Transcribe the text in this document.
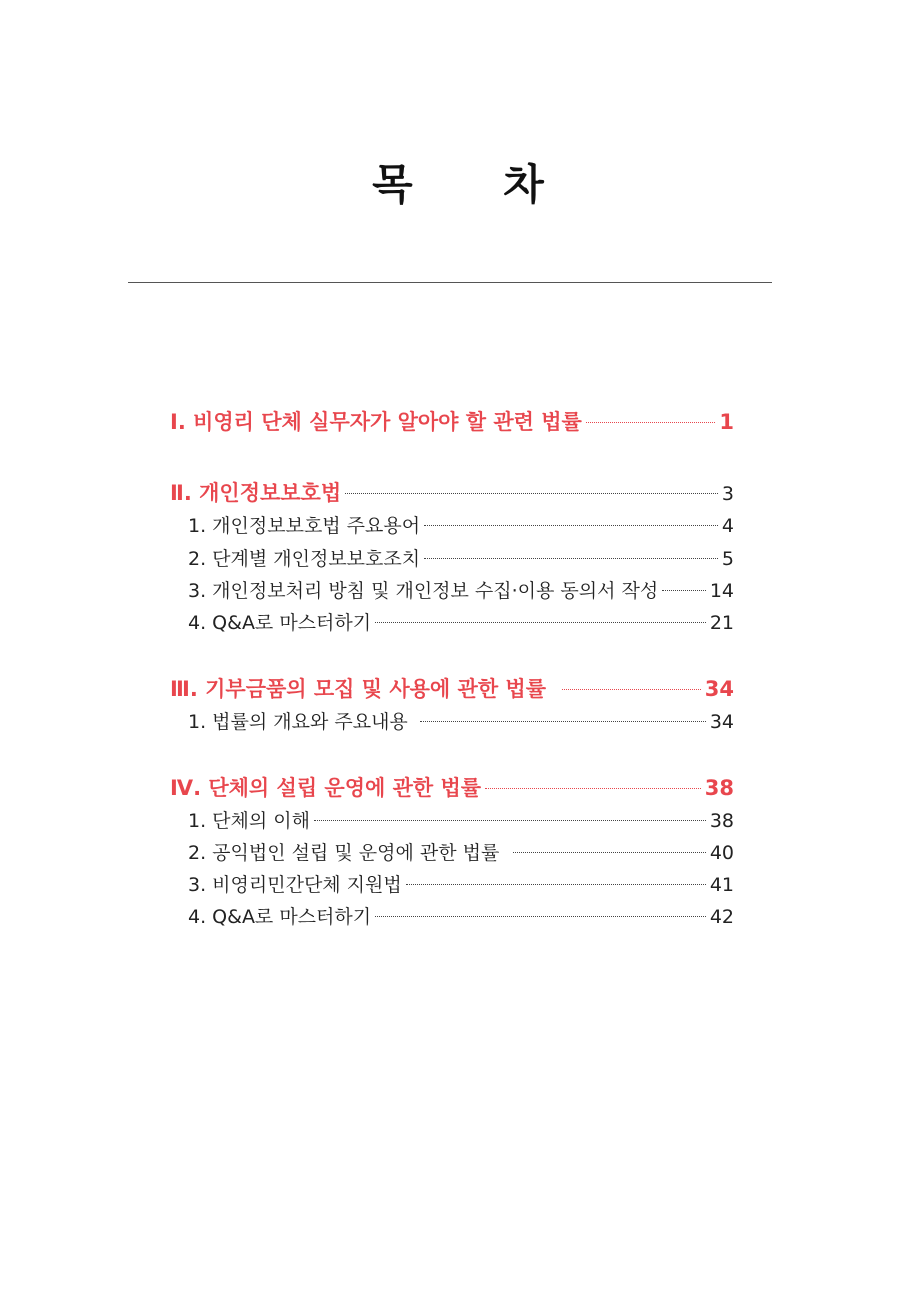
목 차
Ⅰ. 비영리 단체 실무자가 알아야 할 관련 법률	1
Ⅱ. 개인정보보호법	3
1. 개인정보보호법 주요용어	4
2. 단계별 개인정보보호조치	5
3. 개인정보처리 방침 및 개인정보 수집·이용 동의서 작성	14
4. Q&A로 마스터하기	21
Ⅲ. 기부금품의 모집 및 사용에 관한 법률	34
1. 법률의 개요와 주요내용	34
Ⅳ. 단체의 설립 운영에 관한 법률	38
1. 단체의 이해	38
2. 공익법인 설립 및 운영에 관한 법률	40
3. 비영리민간단체 지원법	41
4. Q&A로 마스터하기	42
